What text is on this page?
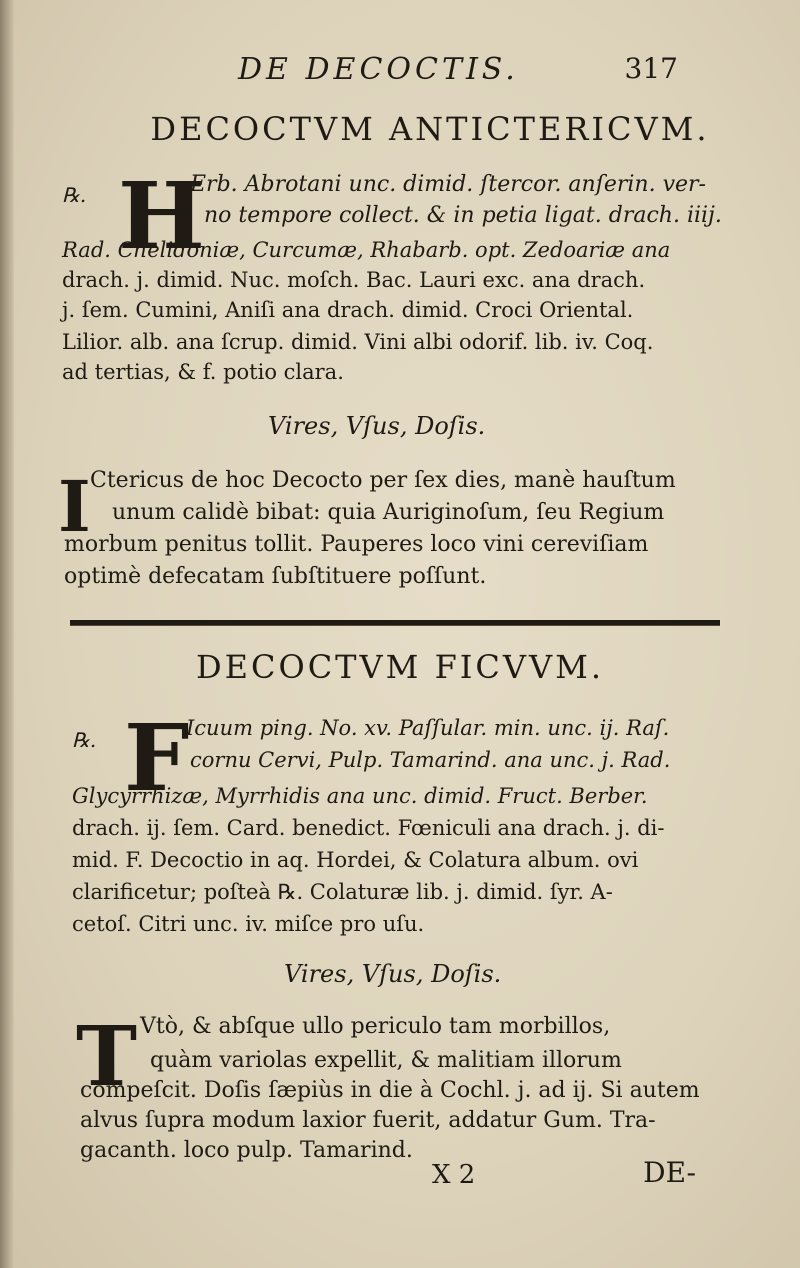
DE DECOCTIS.	317
DECOCTVM ANTICTERICVM.
℞. H
Erb. Abrotani unc. dimid. ſtercor. anſerin. ver-
no tempore collect. & in petia ligat. drach. iiij.
Rad. Chelidoniæ, Curcumæ, Rhabarb. opt. Zedoariæ ana
drach. j. dimid. Nuc. moſch. Bac. Lauri exc. ana drach.
j. ſem. Cumini, Aniſi ana drach. dimid. Croci Oriental.
Lilior. alb. ana ſcrup. dimid. Vini albi odorif. lib. iv. Coq.
ad tertias, & f. potio clara.
Vires, Vſus, Doſis.
I Ctericus de hoc Decocto per ſex dies, manè hauſtum
unum calidè bibat: quia Auriginoſum, ſeu Regium
morbum penitus tollit. Pauperes loco vini cereviſiam
optimè defecatam ſubſtituere poſſunt.
DECOCTVM FICVVM.
℞. F
Icuum ping. No. xv. Paſſular. min. unc. ij. Raſ.
cornu Cervi, Pulp. Tamarind. ana unc. j. Rad.
Glycyrrhizæ, Myrrhidis ana unc. dimid. Fruct. Berber.
drach. ij. ſem. Card. benedict. Fœniculi ana drach. j. di-
mid. F. Decoctio in aq. Hordei, & Colatura album. ovi
clarificetur; poſteà ℞. Colaturæ lib. j. dimid. ſyr. A-
cetoſ. Citri unc. iv. miſce pro uſu.
Vires, Vſus, Doſis.
T Vtò, & abſque ullo periculo tam morbillos,
quàm variolas expellit, & malitiam illorum
compeſcit. Doſis ſæpiùs in die à Cochl. j. ad ij. Si autem
alvus ſupra modum laxior fuerit, addatur Gum. Tra-
gacanth. loco pulp. Tamarind.
X 2	DE-
